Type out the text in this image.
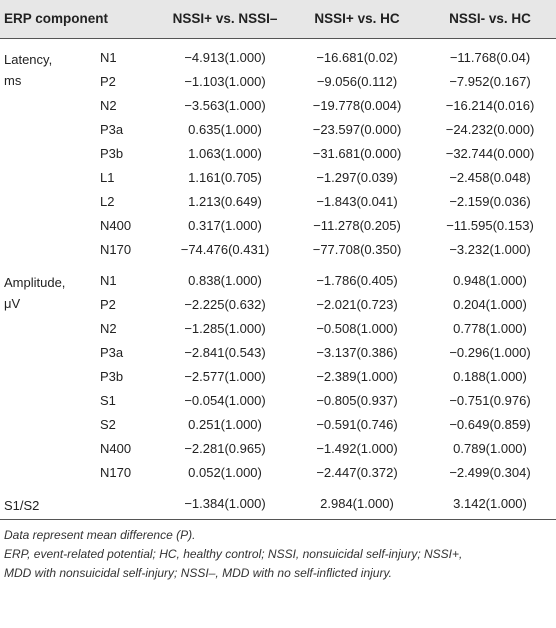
ERP component		NSSI+ vs. NSSI–	NSSI+ vs. HC	NSSI- vs. HC

Latency,
ms	N1	−4.913(1.000)	−16.681(0.02)	−11.768(0.04)
	P2	−1.103(1.000)	−9.056(0.112)	−7.952(0.167)
	N2	−3.563(1.000)	−19.778(0.004)	−16.214(0.016)
	P3a	0.635(1.000)	−23.597(0.000)	−24.232(0.000)
	P3b	1.063(1.000)	−31.681(0.000)	−32.744(0.000)
	L1	1.161(0.705)	−1.297(0.039)	−2.458(0.048)
	L2	1.213(0.649)	−1.843(0.041)	−2.159(0.036)
	N400	0.317(1.000)	−11.278(0.205)	−11.595(0.153)
	N170	−74.476(0.431)	−77.708(0.350)	−3.232(1.000)

Amplitude,
μV	N1	0.838(1.000)	−1.786(0.405)	0.948(1.000)
	P2	−2.225(0.632)	−2.021(0.723)	0.204(1.000)
	N2	−1.285(1.000)	−0.508(1.000)	0.778(1.000)
	P3a	−2.841(0.543)	−3.137(0.386)	−0.296(1.000)
	P3b	−2.577(1.000)	−2.389(1.000)	0.188(1.000)
	S1	−0.054(1.000)	−0.805(0.937)	−0.751(0.976)
	S2	0.251(1.000)	−0.591(0.746)	−0.649(0.859)
	N400	−2.281(0.965)	−1.492(1.000)	0.789(1.000)
	N170	0.052(1.000)	−2.447(0.372)	−2.499(0.304)

S1/S2		−1.384(1.000)	2.984(1.000)	3.142(1.000)
Data represent mean difference (P).
ERP, event-related potential; HC, healthy control; NSSI, nonsuicidal self-injury; NSSI+,
MDD with nonsuicidal self-injury; NSSI–, MDD with no self-inflicted injury.
